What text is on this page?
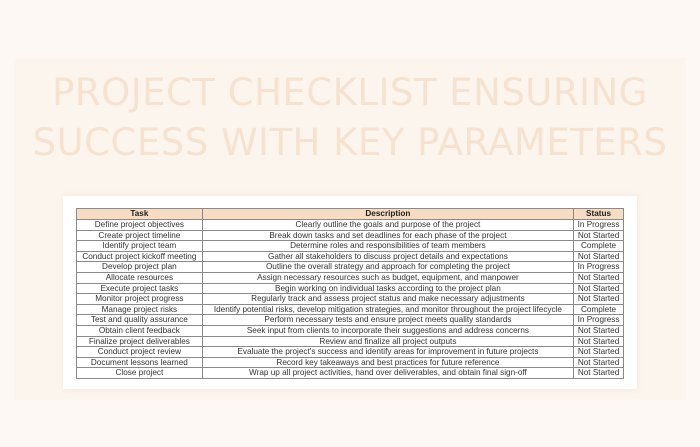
PROJECT CHECKLIST ENSURING
SUCCESS WITH KEY PARAMETERS
Task	Description	Status
Define project objectives	Clearly outline the goals and purpose of the project	In Progress
Create project timeline	Break down tasks and set deadlines for each phase of the project	Not Started
Identify project team	Determine roles and responsibilities of team members	Complete
Conduct project kickoff meeting	Gather all stakeholders to discuss project details and expectations	Not Started
Develop project plan	Outline the overall strategy and approach for completing the project	In Progress
Allocate resources	Assign necessary resources such as budget, equipment, and manpower	Not Started
Execute project tasks	Begin working on individual tasks according to the project plan	Not Started
Monitor project progress	Regularly track and assess project status and make necessary adjustments	Not Started
Manage project risks	Identify potential risks, develop mitigation strategies, and monitor throughout the project lifecycle	Complete
Test and quality assurance	Perform necessary tests and ensure project meets quality standards	In Progress
Obtain client feedback	Seek input from clients to incorporate their suggestions and address concerns	Not Started
Finalize project deliverables	Review and finalize all project outputs	Not Started
Conduct project review	Evaluate the project's success and identify areas for improvement in future projects	Not Started
Document lessons learned	Record key takeaways and best practices for future reference	Not Started
Close project	Wrap up all project activities, hand over deliverables, and obtain final sign-off	Not Started
